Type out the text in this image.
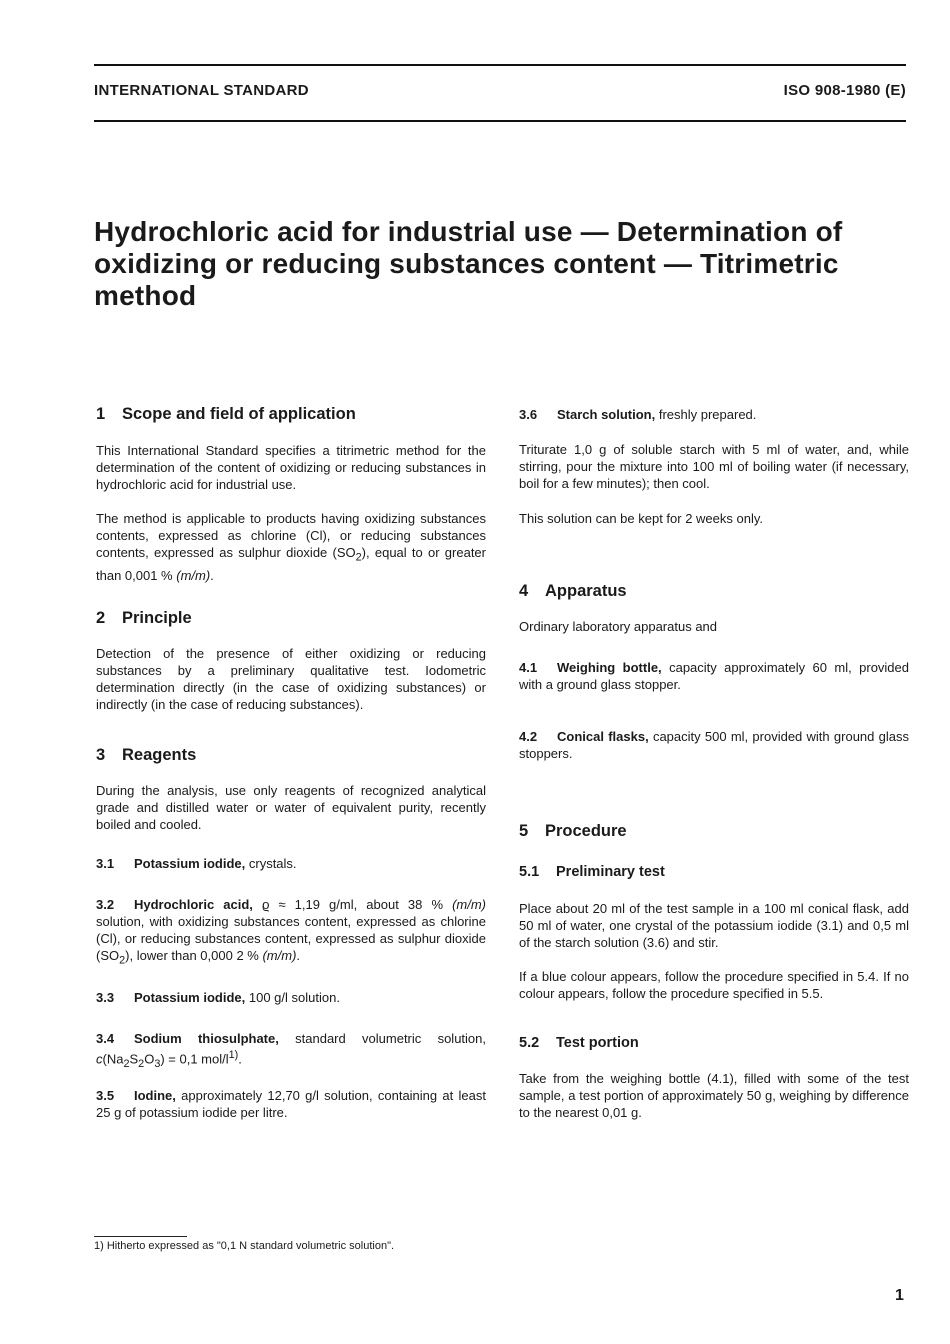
INTERNATIONAL STANDARD	ISO 908-1980 (E)
Hydrochloric acid for industrial use — Determination of oxidizing or reducing substances content — Titrimetric method
1 Scope and field of application

This International Standard specifies a titrimetric method for the determination of the content of oxidizing or reducing substances in hydrochloric acid for industrial use.

The method is applicable to products having oxidizing substances contents, expressed as chlorine (Cl), or reducing substances contents, expressed as sulphur dioxide $(SO_2)$, equal to or greater than 0,001 % (m/m).

2 Principle

Detection of the presence of either oxidizing or reducing substances by a preliminary qualitative test. Iodometric determination directly (in the case of oxidizing substances) or indirectly (in the case of reducing substances).

3 Reagents

During the analysis, use only reagents of recognized analytical grade and distilled water or water of equivalent purity, recently boiled and cooled.

3.1 Potassium iodide, crystals.

3.2 Hydrochloric acid, ϱ ≈ 1,19 g/ml, about 38 % (m/m) solution, with oxidizing substances content, expressed as chlorine (Cl), or reducing substances content, expressed as sulphur dioxide $(SO_2)$, lower than 0,000 2 % (m/m).

3.3 Potassium iodide, 100 g/l solution.

3.4 Sodium thiosulphate, standard volumetric solution, $c(Na_2S_2O_3) = 0,1$ mol/$l^{1)}$.

3.5 Iodine, approximately 12,70 g/l solution, containing at least 25 g of potassium iodide per litre.

3.6 Starch solution, freshly prepared.

Triturate 1,0 g of soluble starch with 5 ml of water, and, while stirring, pour the mixture into 100 ml of boiling water (if necessary, boil for a few minutes); then cool.

This solution can be kept for 2 weeks only.

4 Apparatus

Ordinary laboratory apparatus and

4.1 Weighing bottle, capacity approximately 60 ml, provided with a ground glass stopper.

4.2 Conical flasks, capacity 500 ml, provided with ground glass stoppers.

5 Procedure
5.1 Preliminary test

Place about 20 ml of the test sample in a 100 ml conical flask, add 50 ml of water, one crystal of the potassium iodide (3.1) and 0,5 ml of the starch solution (3.6) and stir.

If a blue colour appears, follow the procedure specified in 5.4. If no colour appears, follow the procedure specified in 5.5.

5.2 Test portion

Take from the weighing bottle (4.1), filled with some of the test sample, a test portion of approximately 50 g, weighing by difference to the nearest 0,01 g.

1) Hitherto expressed as "0,1 N standard volumetric solution".
1
